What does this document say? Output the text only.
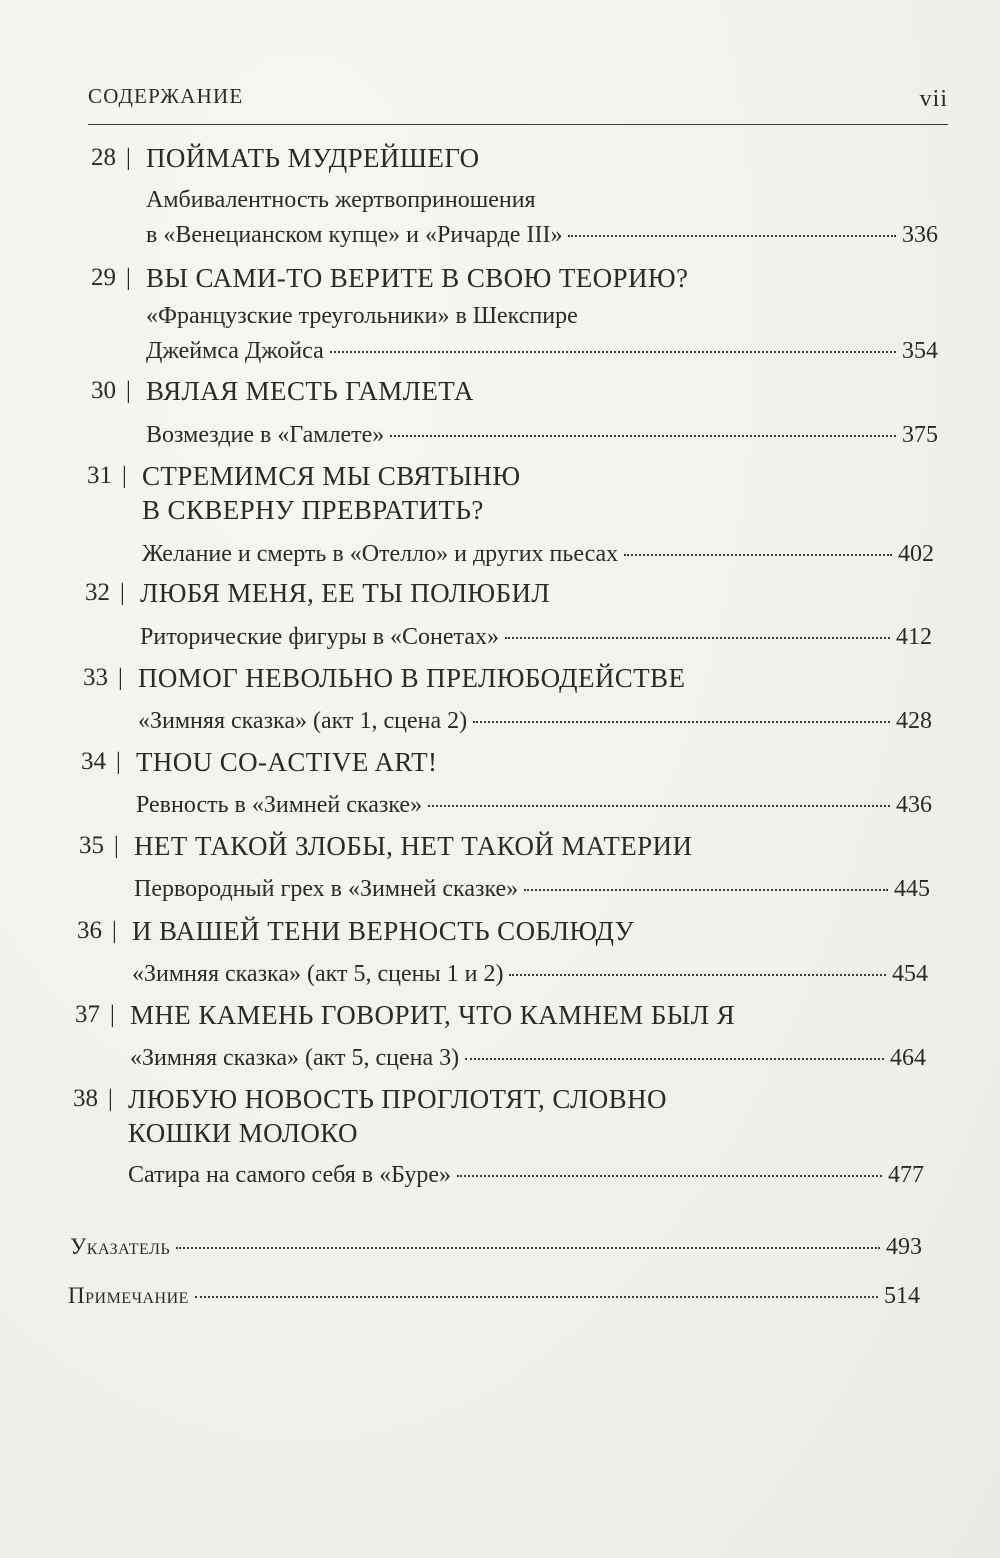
СОДЕРЖАНИЕ	vii
28 | ПОЙМАТЬ МУДРЕЙШЕГО
Амбивалентность жертвоприношения
в «Венецианском купце» и «Ричарде III»	336
29 | ВЫ САМИ-ТО ВЕРИТЕ В СВОЮ ТЕОРИЮ?
«Французские треугольники» в Шекспире
Джеймса Джойса	354
30 | ВЯЛАЯ МЕСТЬ ГАМЛЕТА
Возмездие в «Гамлете»	375
31 | СТРЕМИМСЯ МЫ СВЯТЫНЮ
В СКВЕРНУ ПРЕВРАТИТЬ?
Желание и смерть в «Отелло» и других пьесах	402
32 | ЛЮБЯ МЕНЯ, ЕЕ ТЫ ПОЛЮБИЛ
Риторические фигуры в «Сонетах»	412
33 | ПОМОГ НЕВОЛЬНО В ПРЕЛЮБОДЕЙСТВЕ
«Зимняя сказка» (акт 1, сцена 2)	428
34 | THOU CO-ACTIVE ART!
Ревность в «Зимней сказке»	436
35 | НЕТ ТАКОЙ ЗЛОБЫ, НЕТ ТАКОЙ МАТЕРИИ
Первородный грех в «Зимней сказке»	445
36 | И ВАШЕЙ ТЕНИ ВЕРНОСТЬ СОБЛЮДУ
«Зимняя сказка» (акт 5, сцены 1 и 2)	454
37 | МНЕ КАМЕНЬ ГОВОРИТ, ЧТО КАМНЕМ БЫЛ Я
«Зимняя сказка» (акт 5, сцена 3)	464
38 | ЛЮБУЮ НОВОСТЬ ПРОГЛОТЯТ, СЛОВНО
КОШКИ МОЛОКО
Сатира на самого себя в «Буре»	477
Указатель	493
Примечание	514
